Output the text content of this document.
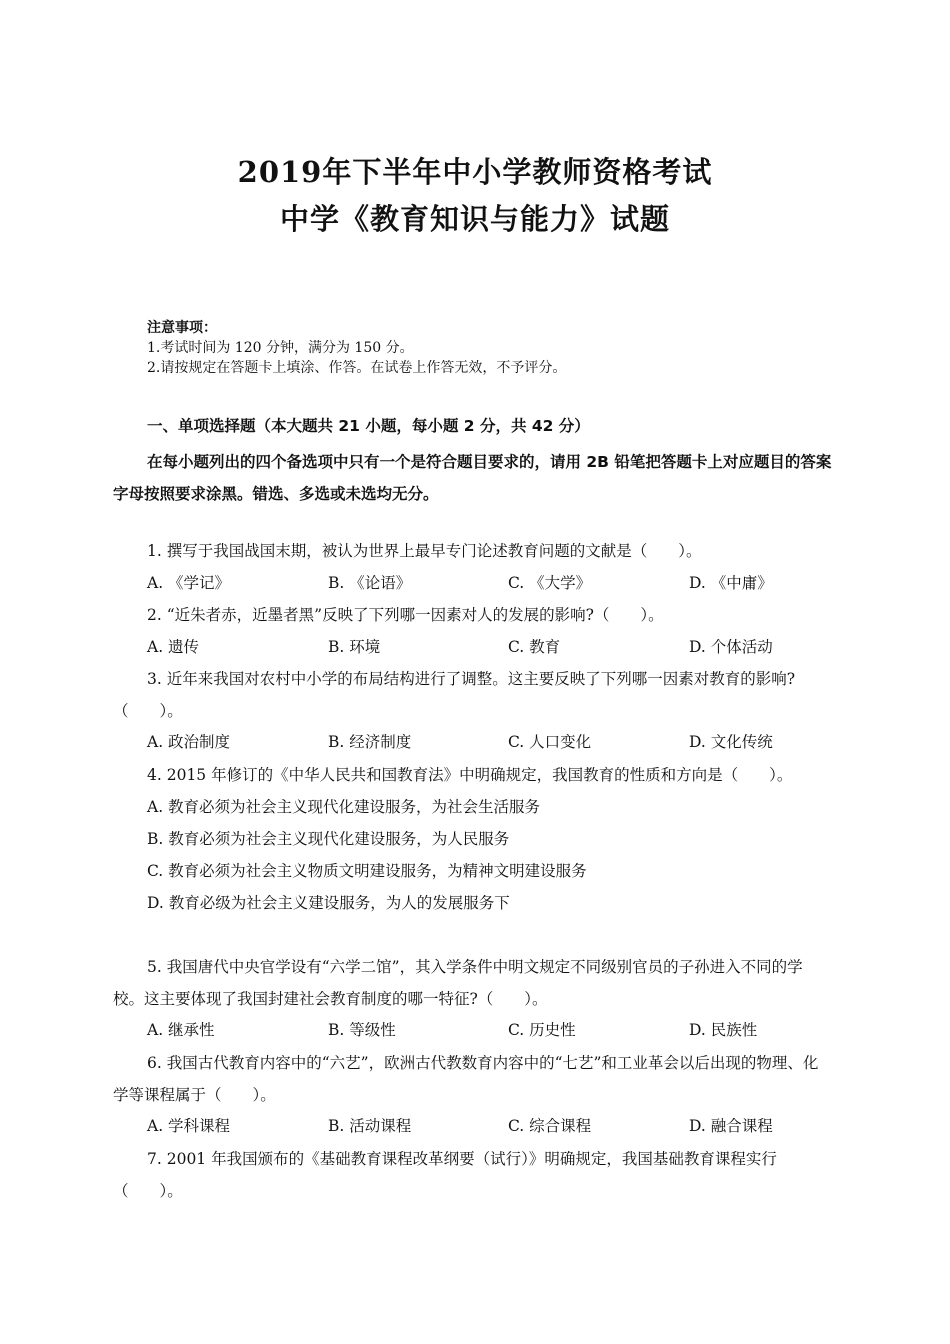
2019年下半年中小学教师资格考试
中学《教育知识与能力》试题
注意事项：
1.考试时间为 120 分钟，满分为 150 分。
2.请按规定在答题卡上填涂、作答。在试卷上作答无效，不予评分。
一、单项选择题（本大题共 21 小题，每小题 2 分，共 42 分）
在每小题列出的四个备选项中只有一个是符合题目要求的，请用 2B 铅笔把答题卡上对应题目的答案字母按照要求涂黑。错选、多选或未选均无分。
1. 撰写于我国战国末期，被认为世界上最早专门论述教育问题的文献是（　　）。
A. 《学记》	B. 《论语》	C. 《大学》	D. 《中庸》
2. “近朱者赤，近墨者黑”反映了下列哪一因素对人的发展的影响?（　　）。
A. 遗传	B. 环境	C. 教育	D. 个体活动
3. 近年来我国对农村中小学的布局结构进行了调整。这主要反映了下列哪一因素对教育的影响?（　　）。
A. 政治制度	B. 经济制度	C. 人口变化	D. 文化传统
4. 2015 年修订的《中华人民共和国教育法》中明确规定，我国教育的性质和方向是（　　）。
A. 教育必须为社会主义现代化建设服务，为社会生活服务
B. 教育必须为社会主义现代化建设服务，为人民服务
C. 教育必须为社会主义物质文明建设服务，为精神文明建设服务
D. 教育必级为社会主义建设服务，为人的发展服务下
5. 我国唐代中央官学设有“六学二馆”，其入学条件中明文规定不同级别官员的子孙进入不同的学校。这主要体现了我国封建社会教育制度的哪一特征?（　　）。
A. 继承性	B. 等级性	C. 历史性	D. 民族性
6. 我国古代教育内容中的“六艺”，欧洲古代教数育内容中的“七艺”和工业革会以后出现的物理、化学等课程属于（　　）。
A. 学科课程	B. 活动课程	C. 综合课程	D. 融合课程
7. 2001 年我国颁布的《基础教育课程改革纲要（试行）》明确规定，我国基础教育课程实行（　　）。
